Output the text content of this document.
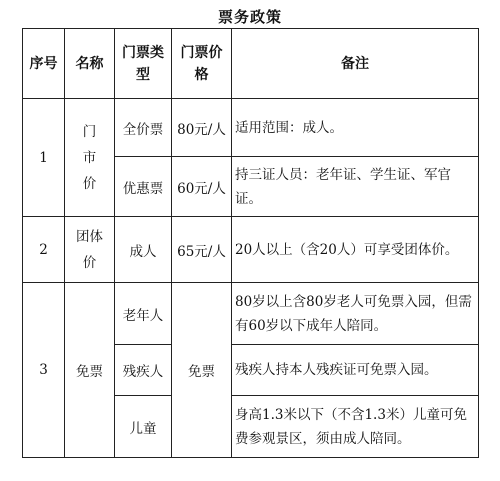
票务政策
序号	名称	门票类型	门票价格	备注
1	门市价	全价票	80元/人	适用范围：成人。
		优惠票	60元/人	持三证人员：老年证、学生证、军官证。
2	团体价	成人	65元/人	20人以上（含20人）可享受团体价。
3	免票	老年人	免票	80岁以上含80岁老人可免票入园，但需有60岁以下成年人陪同。
		残疾人		残疾人持本人残疾证可免票入园。
		儿童		身高1.3米以下（不含1.3米）儿童可免费参观景区，须由成人陪同。
